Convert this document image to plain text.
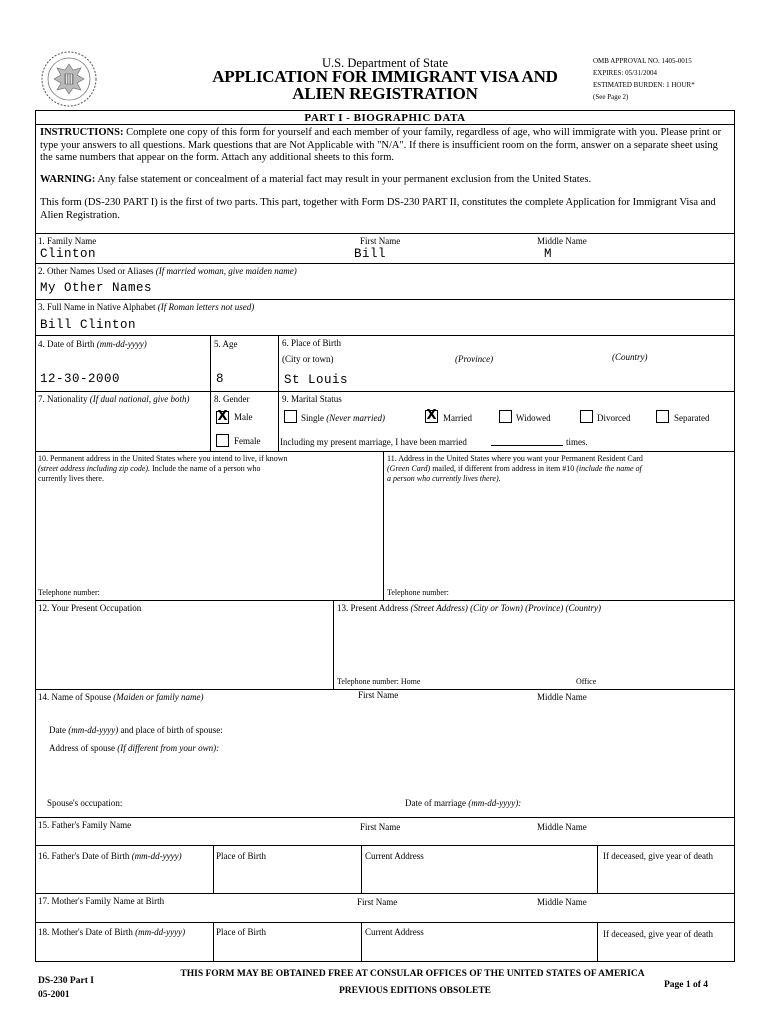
U.S. Department of State
APPLICATION FOR IMMIGRANT VISA AND
ALIEN REGISTRATION
OMB APPROVAL NO. 1405-0015
EXPIRES: 05/31/2004
ESTIMATED BURDEN: 1 HOUR*
(See Page 2)
PART I - BIOGRAPHIC DATA
INSTRUCTIONS: Complete one copy of this form for yourself and each member of your family, regardless of age, who will immigrate with you. Please print or type your answers to all questions. Mark questions that are Not Applicable with "N/A". If there is insufficient room on the form, answer on a separate sheet using the same numbers that appear on the form. Attach any additional sheets to this form.
WARNING: Any false statement or concealment of a material fact may result in your permanent exclusion from the United States.
This form (DS-230 PART I) is the first of two parts. This part, together with Form DS-230 PART II, constitutes the complete Application for Immigrant Visa and Alien Registration.
1. Family Name	First Name	Middle Name
Clinton	Bill	M
2. Other Names Used or Aliases (If married woman, give maiden name)
My Other Names
3. Full Name in Native Alphabet (If Roman letters not used)
Bill Clinton
4. Date of Birth (mm-dd-yyyy)	5. Age	6. Place of Birth
(City or town)	(Province)	(Country)
12-30-2000	8	St Louis
7. Nationality (If dual national, give both)	8. Gender
X Male
Female
9. Marital Status
Single (Never married)	X Married	Widowed	Divorced	Separated
Including my present marriage, I have been married	times.
10. Permanent address in the United States where you intend to live, if known
(street address including zip code). Include the name of a person who
currently lives there.
11. Address in the United States where you want your Permanent Resident Card
(Green Card) mailed, if different from address in item #10 (include the name of
a person who currently lives there).
Telephone number:	Telephone number:
12. Your Present Occupation	13. Present Address (Street Address) (City or Town) (Province) (Country)
Telephone number: Home	Office
14. Name of Spouse (Maiden or family name)	First Name	Middle Name
Date (mm-dd-yyyy) and place of birth of spouse:
Address of spouse (If different from your own):
Spouse's occupation:	Date of marriage (mm-dd-yyyy):
15. Father's Family Name	First Name	Middle Name
16. Father's Date of Birth (mm-dd-yyyy)	Place of Birth	Current Address	If deceased, give year of death
17. Mother's Family Name at Birth	First Name	Middle Name
18. Mother's Date of Birth (mm-dd-yyyy)	Place of Birth	Current Address	If deceased, give year of death
DS-230 Part I
05-2001
THIS FORM MAY BE OBTAINED FREE AT CONSULAR OFFICES OF THE UNITED STATES OF AMERICA
PREVIOUS EDITIONS OBSOLETE
Page 1 of 4
